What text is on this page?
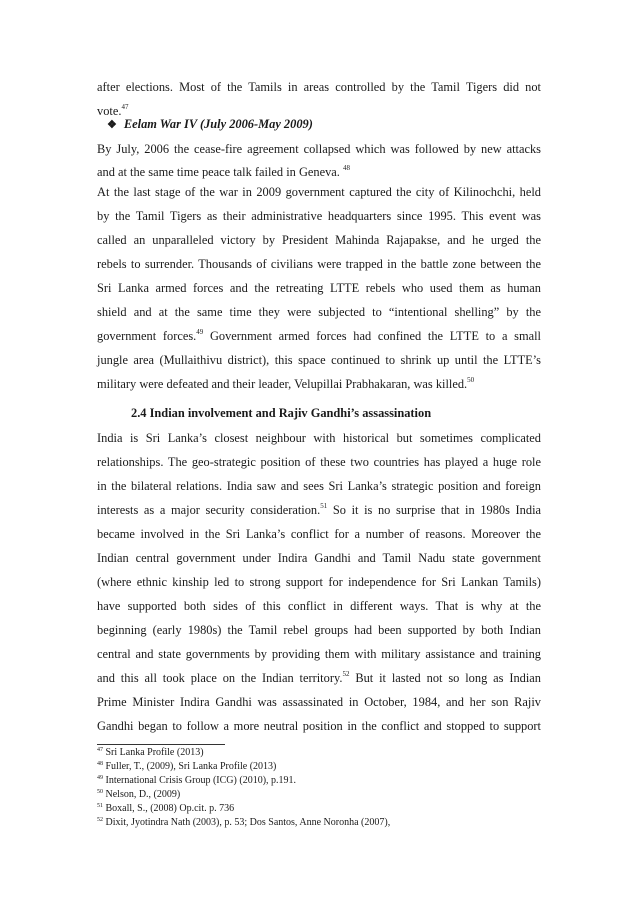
after elections. Most of the Tamils in areas controlled by the Tamil Tigers did not
vote.$^{47}$
❖ Eelam War IV (July 2006-May 2009)
By July, 2006 the cease-fire agreement collapsed which was followed by new attacks
and at the same time peace talk failed in Geneva. $^{48}$
At the last stage of the war in 2009 government captured the city of Kilinochchi, held
by the Tamil Tigers as their administrative headquarters since 1995. This event was
called an unparalleled victory by President Mahinda Rajapakse, and he urged the
rebels to surrender. Thousands of civilians were trapped in the battle zone between the
Sri Lanka armed forces and the retreating LTTE rebels who used them as human
shield and at the same time they were subjected to “intentional shelling” by the
government forces.$^{49}$ Government armed forces had confined the LTTE to a small
jungle area (Mullaithivu district), this space continued to shrink up until the LTTE’s
military were defeated and their leader, Velupillai Prabhakaran, was killed.$^{50}$
2.4 Indian involvement and Rajiv Gandhi’s assassination
India is Sri Lanka’s closest neighbour with historical but sometimes complicated
relationships. The geo-strategic position of these two countries has played a huge role
in the bilateral relations. India saw and sees Sri Lanka’s strategic position and foreign
interests as a major security consideration.$^{51}$ So it is no surprise that in 1980s India
became involved in the Sri Lanka’s conflict for a number of reasons. Moreover the
Indian central government under Indira Gandhi and Tamil Nadu state government
(where ethnic kinship led to strong support for independence for Sri Lankan Tamils)
have supported both sides of this conflict in different ways. That is why at the
beginning (early 1980s) the Tamil rebel groups had been supported by both Indian
central and state governments by providing them with military assistance and training
and this all took place on the Indian territory.$^{52}$ But it lasted not so long as Indian
Prime Minister Indira Gandhi was assassinated in October, 1984, and her son Rajiv
Gandhi began to follow a more neutral position in the conflict and stopped to support
$^{47}$ Sri Lanka Profile (2013)
$^{48}$ Fuller, T., (2009), Sri Lanka Profile (2013)
$^{49}$ International Crisis Group (ICG) (2010), p.191.
$^{50}$ Nelson, D., (2009)
$^{51}$ Boxall, S., (2008) Op.cit. p. 736
$^{52}$ Dixit, Jyotindra Nath (2003), p. 53; Dos Santos, Anne Noronha (2007),
